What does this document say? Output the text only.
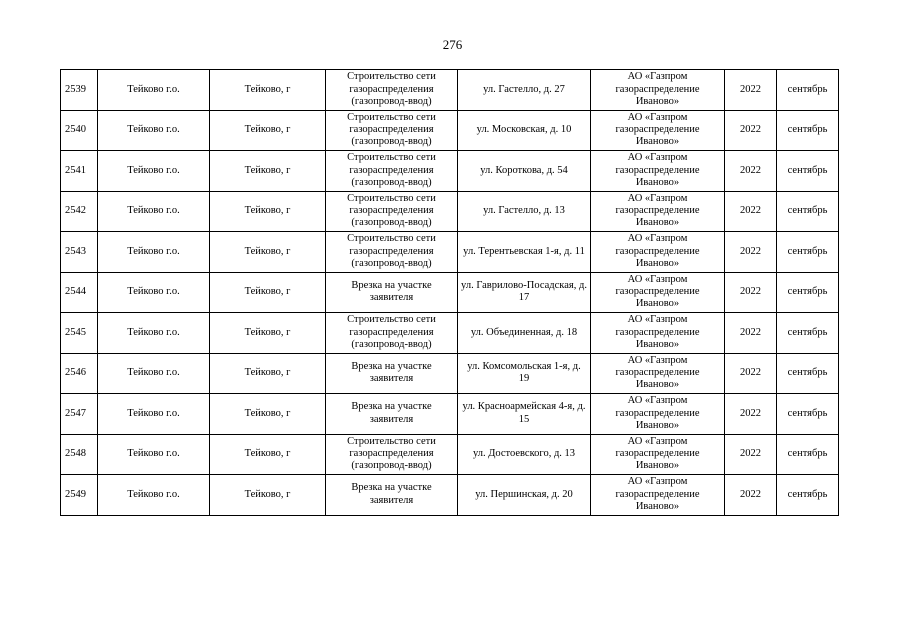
276
2539	Тейково г.о.	Тейково, г	Строительство сети газораспределения (газопровод-ввод)	ул. Гастелло, д. 27	АО «Газпром газораспределение Иваново»	2022	сентябрь
2540	Тейково г.о.	Тейково, г	Строительство сети газораспределения (газопровод-ввод)	ул. Московская, д. 10	АО «Газпром газораспределение Иваново»	2022	сентябрь
2541	Тейково г.о.	Тейково, г	Строительство сети газораспределения (газопровод-ввод)	ул. Короткова, д. 54	АО «Газпром газораспределение Иваново»	2022	сентябрь
2542	Тейково г.о.	Тейково, г	Строительство сети газораспределения (газопровод-ввод)	ул. Гастелло, д. 13	АО «Газпром газораспределение Иваново»	2022	сентябрь
2543	Тейково г.о.	Тейково, г	Строительство сети газораспределения (газопровод-ввод)	ул. Терентьевская 1-я, д. 11	АО «Газпром газораспределение Иваново»	2022	сентябрь
2544	Тейково г.о.	Тейково, г	Врезка на участке заявителя	ул. Гаврилово-Посадская, д. 17	АО «Газпром газораспределение Иваново»	2022	сентябрь
2545	Тейково г.о.	Тейково, г	Строительство сети газораспределения (газопровод-ввод)	ул. Объединенная, д. 18	АО «Газпром газораспределение Иваново»	2022	сентябрь
2546	Тейково г.о.	Тейково, г	Врезка на участке заявителя	ул. Комсомольская 1-я, д. 19	АО «Газпром газораспределение Иваново»	2022	сентябрь
2547	Тейково г.о.	Тейково, г	Врезка на участке заявителя	ул. Красноармейская 4-я, д. 15	АО «Газпром газораспределение Иваново»	2022	сентябрь
2548	Тейково г.о.	Тейково, г	Строительство сети газораспределения (газопровод-ввод)	ул. Достоевского, д. 13	АО «Газпром газораспределение Иваново»	2022	сентябрь
2549	Тейково г.о.	Тейково, г	Врезка на участке заявителя	ул. Першинская, д. 20	АО «Газпром газораспределение Иваново»	2022	сентябрь
